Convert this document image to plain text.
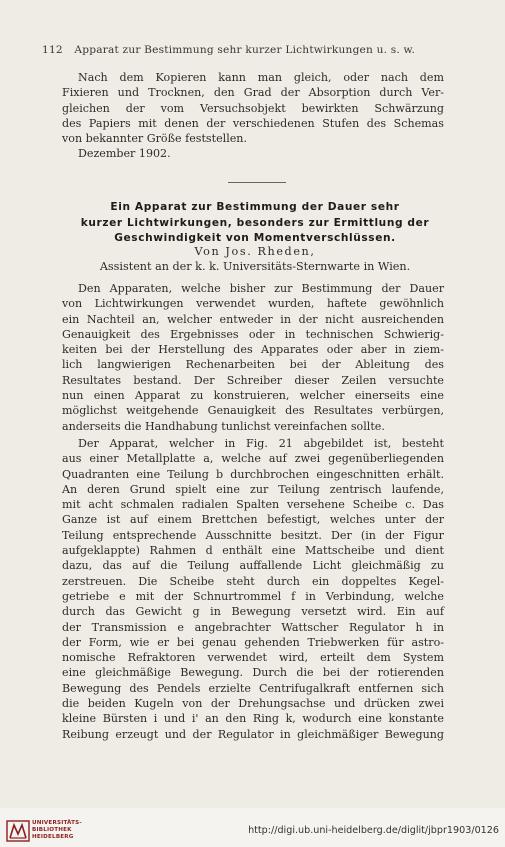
112 Apparat zur Bestimmung sehr kurzer Lichtwirkungen u. s. w.
Nach dem Kopieren kann man gleich, oder nach dem
Fixieren und Trocknen, den Grad der Absorption durch Ver-
gleichen der vom Versuchsobjekt bewirkten Schwärzung
des Papiers mit denen der verschiedenen Stufen des Schemas
von bekannter Größe feststellen.
Dezember 1902.
Ein Apparat zur Bestimmung der Dauer sehr
kurzer Lichtwirkungen, besonders zur Ermittlung der
Geschwindigkeit von Momentverschlüssen.
Von Jos. Rheden,
Assistent an der k. k. Universitäts-Sternwarte in Wien.
Den Apparaten, welche bisher zur Bestimmung der Dauer
von Lichtwirkungen verwendet wurden, haftete gewöhnlich
ein Nachteil an, welcher entweder in der nicht ausreichenden
Genauigkeit des Ergebnisses oder in technischen Schwierig-
keiten bei der Herstellung des Apparates oder aber in ziem-
lich langwierigen Rechenarbeiten bei der Ableitung des
Resultates bestand. Der Schreiber dieser Zeilen versuchte
nun einen Apparat zu konstruieren, welcher einerseits eine
möglichst weitgehende Genauigkeit des Resultates verbürgen,
anderseits die Handhabung tunlichst vereinfachen sollte.
Der Apparat, welcher in Fig. 21 abgebildet ist, besteht
aus einer Metallplatte a, welche auf zwei gegenüberliegenden
Quadranten eine Teilung b durchbrochen eingeschnitten erhält.
An deren Grund spielt eine zur Teilung zentrisch laufende,
mit acht schmalen radialen Spalten versehene Scheibe c. Das
Ganze ist auf einem Brettchen befestigt, welches unter der
Teilung entsprechende Ausschnitte besitzt. Der (in der Figur
aufgeklappte) Rahmen d enthält eine Mattscheibe und dient
dazu, das auf die Teilung auffallende Licht gleichmäßig zu
zerstreuen. Die Scheibe steht durch ein doppeltes Kegel-
getriebe e mit der Schnurtrommel f in Verbindung, welche
durch das Gewicht g in Bewegung versetzt wird. Ein auf
der Transmission e angebrachter Wattscher Regulator h in
der Form, wie er bei genau gehenden Triebwerken für astro-
nomische Refraktoren verwendet wird, erteilt dem System
eine gleichmäßige Bewegung. Durch die bei der rotierenden
Bewegung des Pendels erzielte Centrifugalkraft entfernen sich
die beiden Kugeln von der Drehungsachse und drücken zwei
kleine Bürsten i und i' an den Ring k, wodurch eine konstante
Reibung erzeugt und der Regulator in gleichmäßiger Bewegung
UNIVERSITÄTS-
BIBLIOTHEK
HEIDELBERG
http://digi.ub.uni-heidelberg.de/diglit/jbpr1903/0126
